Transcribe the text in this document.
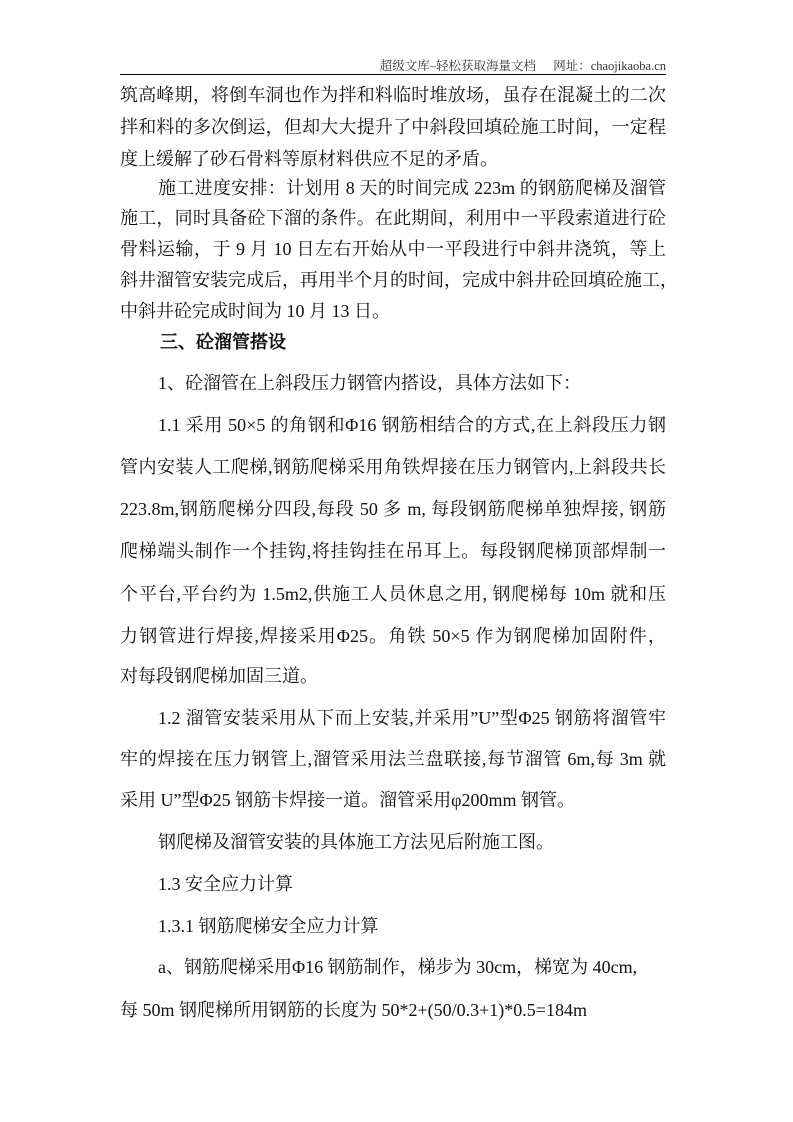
超级文库–轻松获取海量文档 网址：chaojikaoba.cn
筑高峰期，将倒车洞也作为拌和料临时堆放场，虽存在混凝土的二次
拌和料的多次倒运，但却大大提升了中斜段回填砼施工时间，一定程
度上缓解了砂石骨料等原材料供应不足的矛盾。
施工进度安排：计划用 8 天的时间完成 223m 的钢筋爬梯及溜管
施工，同时具备砼下溜的条件。在此期间，利用中一平段索道进行砼
骨料运输，于 9 月 10 日左右开始从中一平段进行中斜井浇筑，等上
斜井溜管安装完成后，再用半个月的时间，完成中斜井砼回填砼施工，
中斜井砼完成时间为 10 月 13 日。
三、砼溜管搭设
1、砼溜管在上斜段压力钢管内搭设，具体方法如下：
1.1 采用 50×5 的角钢和Φ16 钢筋相结合的方式,在上斜段压力钢
管内安装人工爬梯,钢筋爬梯采用角铁焊接在压力钢管内,上斜段共长
223.8m,钢筋爬梯分四段,每段 50 多 m, 每段钢筋爬梯单独焊接, 钢筋
爬梯端头制作一个挂钩,将挂钩挂在吊耳上。每段钢爬梯顶部焊制一
个平台,平台约为 1.5m2,供施工人员休息之用, 钢爬梯每 10m 就和压
力钢管进行焊接,焊接采用Φ25。角铁 50×5 作为钢爬梯加固附件，
对每段钢爬梯加固三道。
1.2 溜管安装采用从下而上安装,并采用”U”型Φ25 钢筋将溜管牢
牢的焊接在压力钢管上,溜管采用法兰盘联接,每节溜管 6m,每 3m 就
采用 U”型Φ25 钢筋卡焊接一道。溜管采用φ200mm 钢管。
钢爬梯及溜管安装的具体施工方法见后附施工图。
1.3 安全应力计算
1.3.1 钢筋爬梯安全应力计算
a、钢筋爬梯采用Φ16 钢筋制作，梯步为 30cm，梯宽为 40cm,
每 50m 钢爬梯所用钢筋的长度为 50*2+(50/0.3+1)*0.5=184m
